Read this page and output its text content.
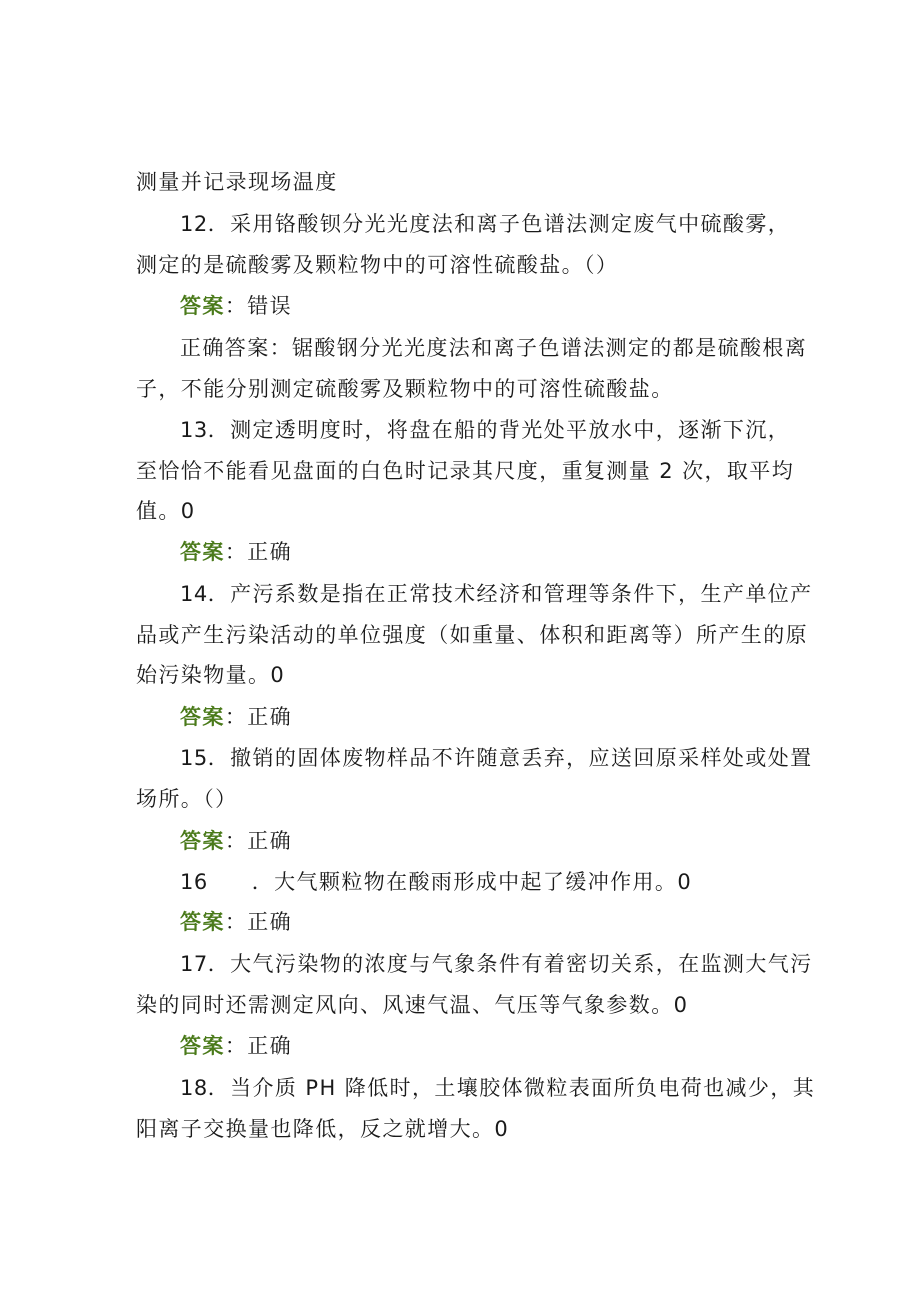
测量并记录现场温度

12．采用铬酸钡分光光度法和离子色谱法测定废气中硫酸雾，

测定的是硫酸雾及颗粒物中的可溶性硫酸盐。（）

答案：错误

正确答案：锯酸钢分光光度法和离子色谱法测定的都是硫酸根离

子，不能分别测定硫酸雾及颗粒物中的可溶性硫酸盐。

13．测定透明度时，将盘在船的背光处平放水中，逐渐下沉，

至恰恰不能看见盘面的白色时记录其尺度，重复测量 2 次，取平均

值。0

答案：正确

14．产污系数是指在正常技术经济和管理等条件下，生产单位产

品或产生污染活动的单位强度（如重量、体积和距离等）所产生的原

始污染物量。0

答案：正确

15．撤销的固体废物样品不许随意丢弃，应送回原采样处或处置

场所。（）

答案：正确

16 ．大气颗粒物在酸雨形成中起了缓冲作用。0

答案：正确

17．大气污染物的浓度与气象条件有着密切关系，在监测大气污

染的同时还需测定风向、风速气温、气压等气象参数。0

答案：正确

18．当介质 PH 降低时，土壤胶体微粒表面所负电荷也减少，其

阳离子交换量也降低，反之就增大。0
